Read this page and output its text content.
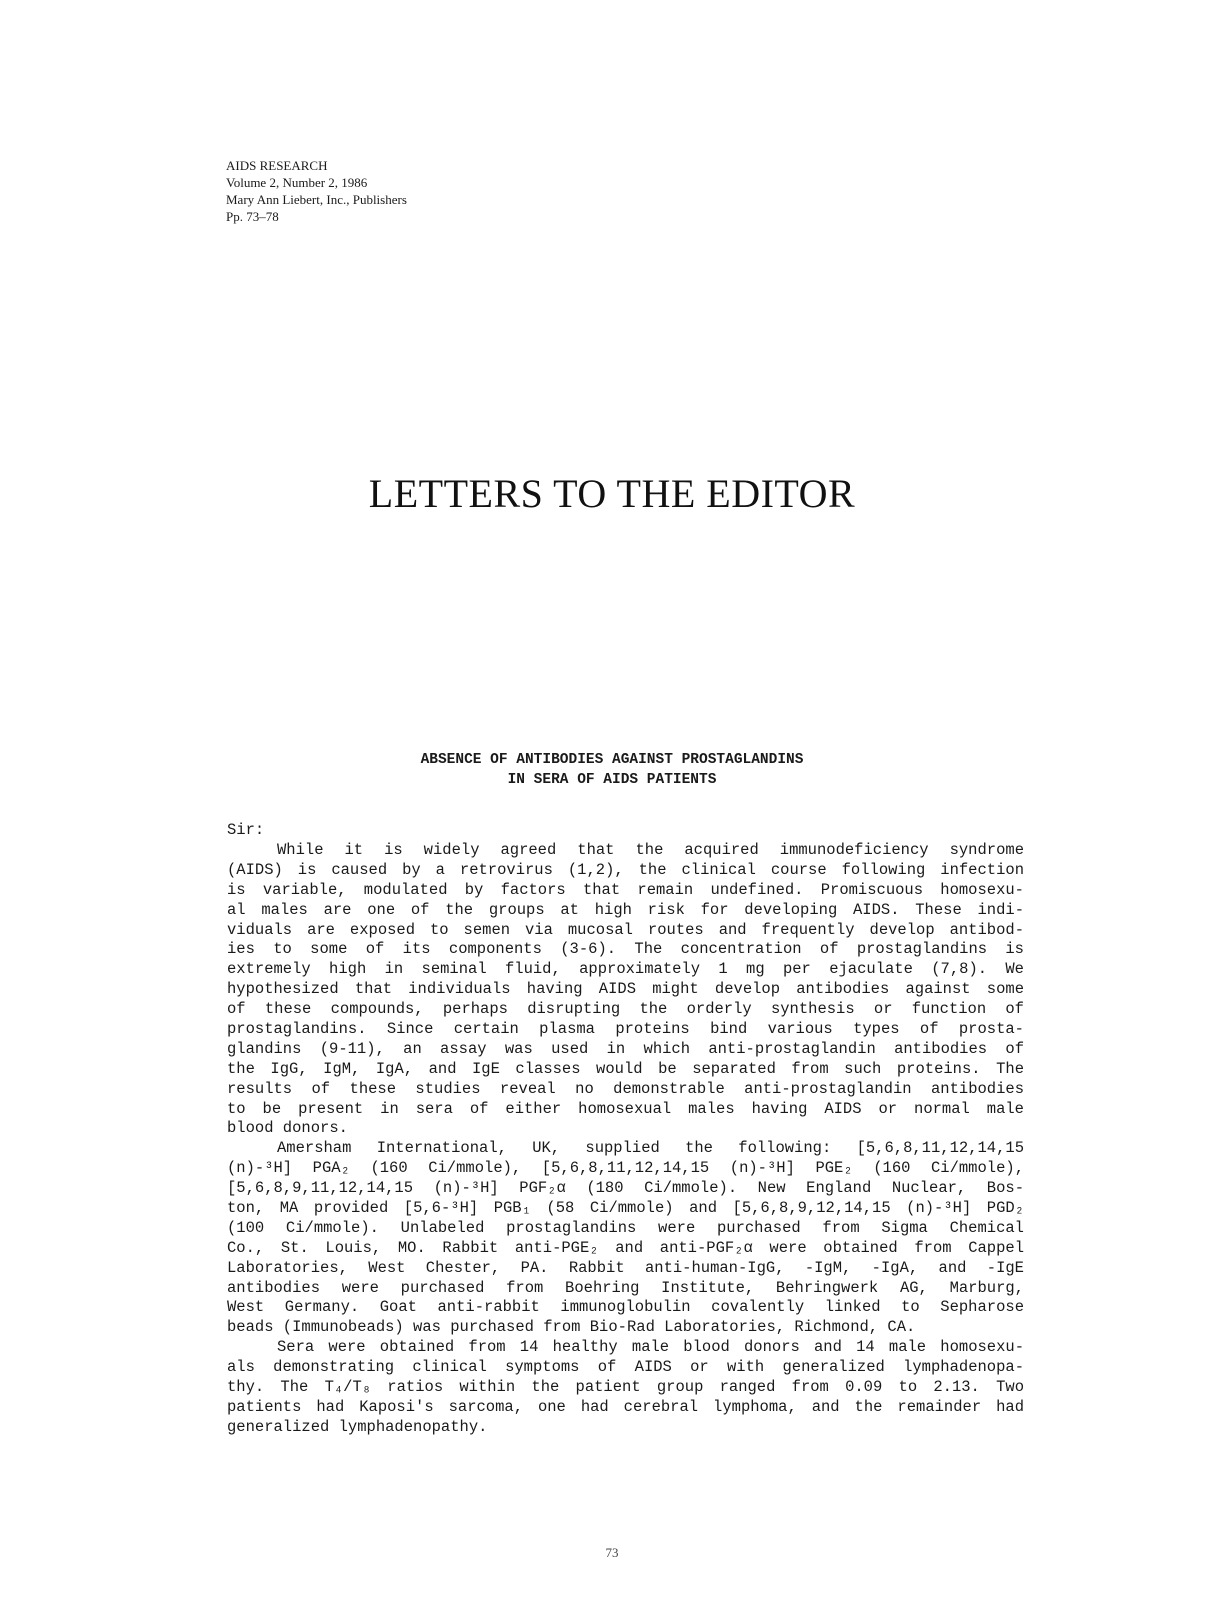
AIDS RESEARCH
Volume 2, Number 2, 1986
Mary Ann Liebert, Inc., Publishers
Pp. 73–78
LETTERS TO THE EDITOR
ABSENCE OF ANTIBODIES AGAINST PROSTAGLANDINS
IN SERA OF AIDS PATIENTS
Sir:
While it is widely agreed that the acquired immunodeficiency syndrome
(AIDS) is caused by a retrovirus (1,2), the clinical course following infection
is variable, modulated by factors that remain undefined. Promiscuous homosexu-
al males are one of the groups at high risk for developing AIDS. These indi-
viduals are exposed to semen via mucosal routes and frequently develop antibod-
ies to some of its components (3-6). The concentration of prostaglandins is
extremely high in seminal fluid, approximately 1 mg per ejaculate (7,8). We
hypothesized that individuals having AIDS might develop antibodies against some
of these compounds, perhaps disrupting the orderly synthesis or function of
prostaglandins. Since certain plasma proteins bind various types of prosta-
glandins (9-11), an assay was used in which anti-prostaglandin antibodies of
the IgG, IgM, IgA, and IgE classes would be separated from such proteins. The
results of these studies reveal no demonstrable anti-prostaglandin antibodies
to be present in sera of either homosexual males having AIDS or normal male
blood donors.
Amersham International, UK, supplied the following: [5,6,8,11,12,14,15
(n)-³H] PGA₂ (160 Ci/mmole), [5,6,8,11,12,14,15 (n)-³H] PGE₂ (160 Ci/mmole),
[5,6,8,9,11,12,14,15 (n)-³H] PGF₂α (180 Ci/mmole). New England Nuclear, Bos-
ton, MA provided [5,6-³H] PGB₁ (58 Ci/mmole) and [5,6,8,9,12,14,15 (n)-³H] PGD₂
(100 Ci/mmole). Unlabeled prostaglandins were purchased from Sigma Chemical
Co., St. Louis, MO. Rabbit anti-PGE₂ and anti-PGF₂α were obtained from Cappel
Laboratories, West Chester, PA. Rabbit anti-human-IgG, -IgM, -IgA, and -IgE
antibodies were purchased from Boehring Institute, Behringwerk AG, Marburg,
West Germany. Goat anti-rabbit immunoglobulin covalently linked to Sepharose
beads (Immunobeads) was purchased from Bio-Rad Laboratories, Richmond, CA.
Sera were obtained from 14 healthy male blood donors and 14 male homosexu-
als demonstrating clinical symptoms of AIDS or with generalized lymphadenopa-
thy. The T₄/T₈ ratios within the patient group ranged from 0.09 to 2.13. Two
patients had Kaposi's sarcoma, one had cerebral lymphoma, and the remainder had
generalized lymphadenopathy.
73
